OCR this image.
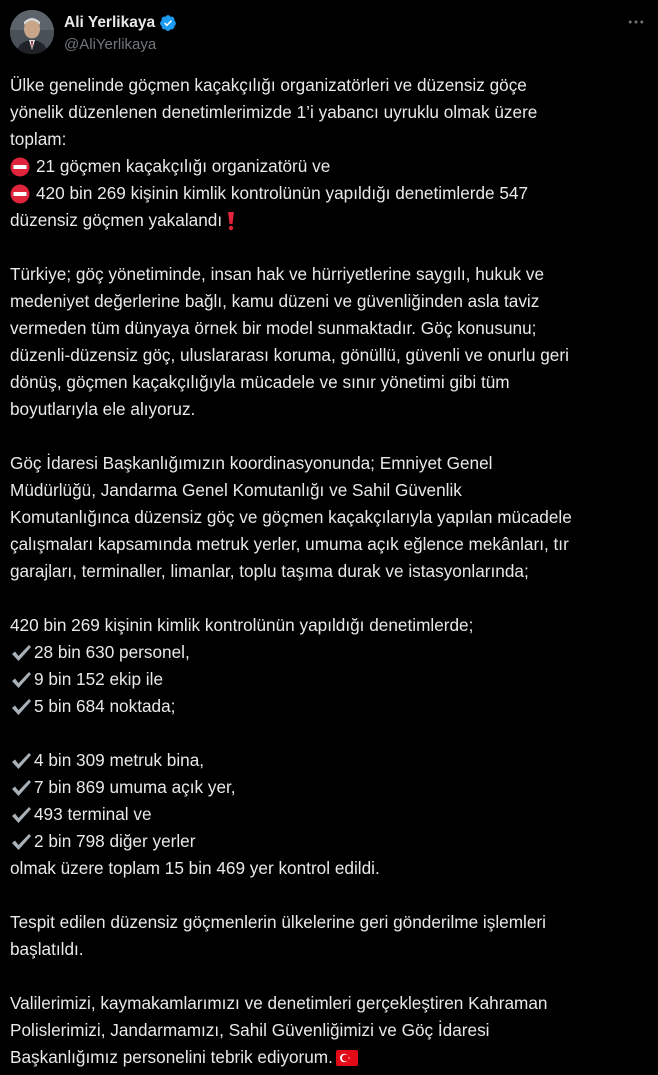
Ali Yerlikaya
@AliYerlikaya
Ülke genelinde göçmen kaçakçılığı organizatörleri ve düzensiz göçe
yönelik düzenlenen denetimlerimizde 1’i yabancı uyruklu olmak üzere
toplam:
21 göçmen kaçakçılığı organizatörü ve
420 bin 269 kişinin kimlik kontrolünün yapıldığı denetimlerde 547
düzensiz göçmen yakalandı
Türkiye; göç yönetiminde, insan hak ve hürriyetlerine saygılı, hukuk ve
medeniyet değerlerine bağlı, kamu düzeni ve güvenliğinden asla taviz
vermeden tüm dünyaya örnek bir model sunmaktadır. Göç konusunu;
düzenli-düzensiz göç, uluslararası koruma, gönüllü, güvenli ve onurlu geri
dönüş, göçmen kaçakçılığıyla mücadele ve sınır yönetimi gibi tüm
boyutlarıyla ele alıyoruz.
Göç İdaresi Başkanlığımızın koordinasyonunda; Emniyet Genel
Müdürlüğü, Jandarma Genel Komutanlığı ve Sahil Güvenlik
Komutanlığınca düzensiz göç ve göçmen kaçakçılarıyla yapılan mücadele
çalışmaları kapsamında metruk yerler, umuma açık eğlence mekânları, tır
garajları, terminaller, limanlar, toplu taşıma durak ve istasyonlarında;
420 bin 269 kişinin kimlik kontrolünün yapıldığı denetimlerde;
28 bin 630 personel,
9 bin 152 ekip ile
5 bin 684 noktada;
4 bin 309 metruk bina,
7 bin 869 umuma açık yer,
493 terminal ve
2 bin 798 diğer yerler
olmak üzere toplam 15 bin 469 yer kontrol edildi.
Tespit edilen düzensiz göçmenlerin ülkelerine geri gönderilme işlemleri
başlatıldı.
Valilerimizi, kaymakamlarımızı ve denetimleri gerçekleştiren Kahraman
Polislerimizi, Jandarmamızı, Sahil Güvenliğimizi ve Göç İdaresi
Başkanlığımız personelini tebrik ediyorum.
